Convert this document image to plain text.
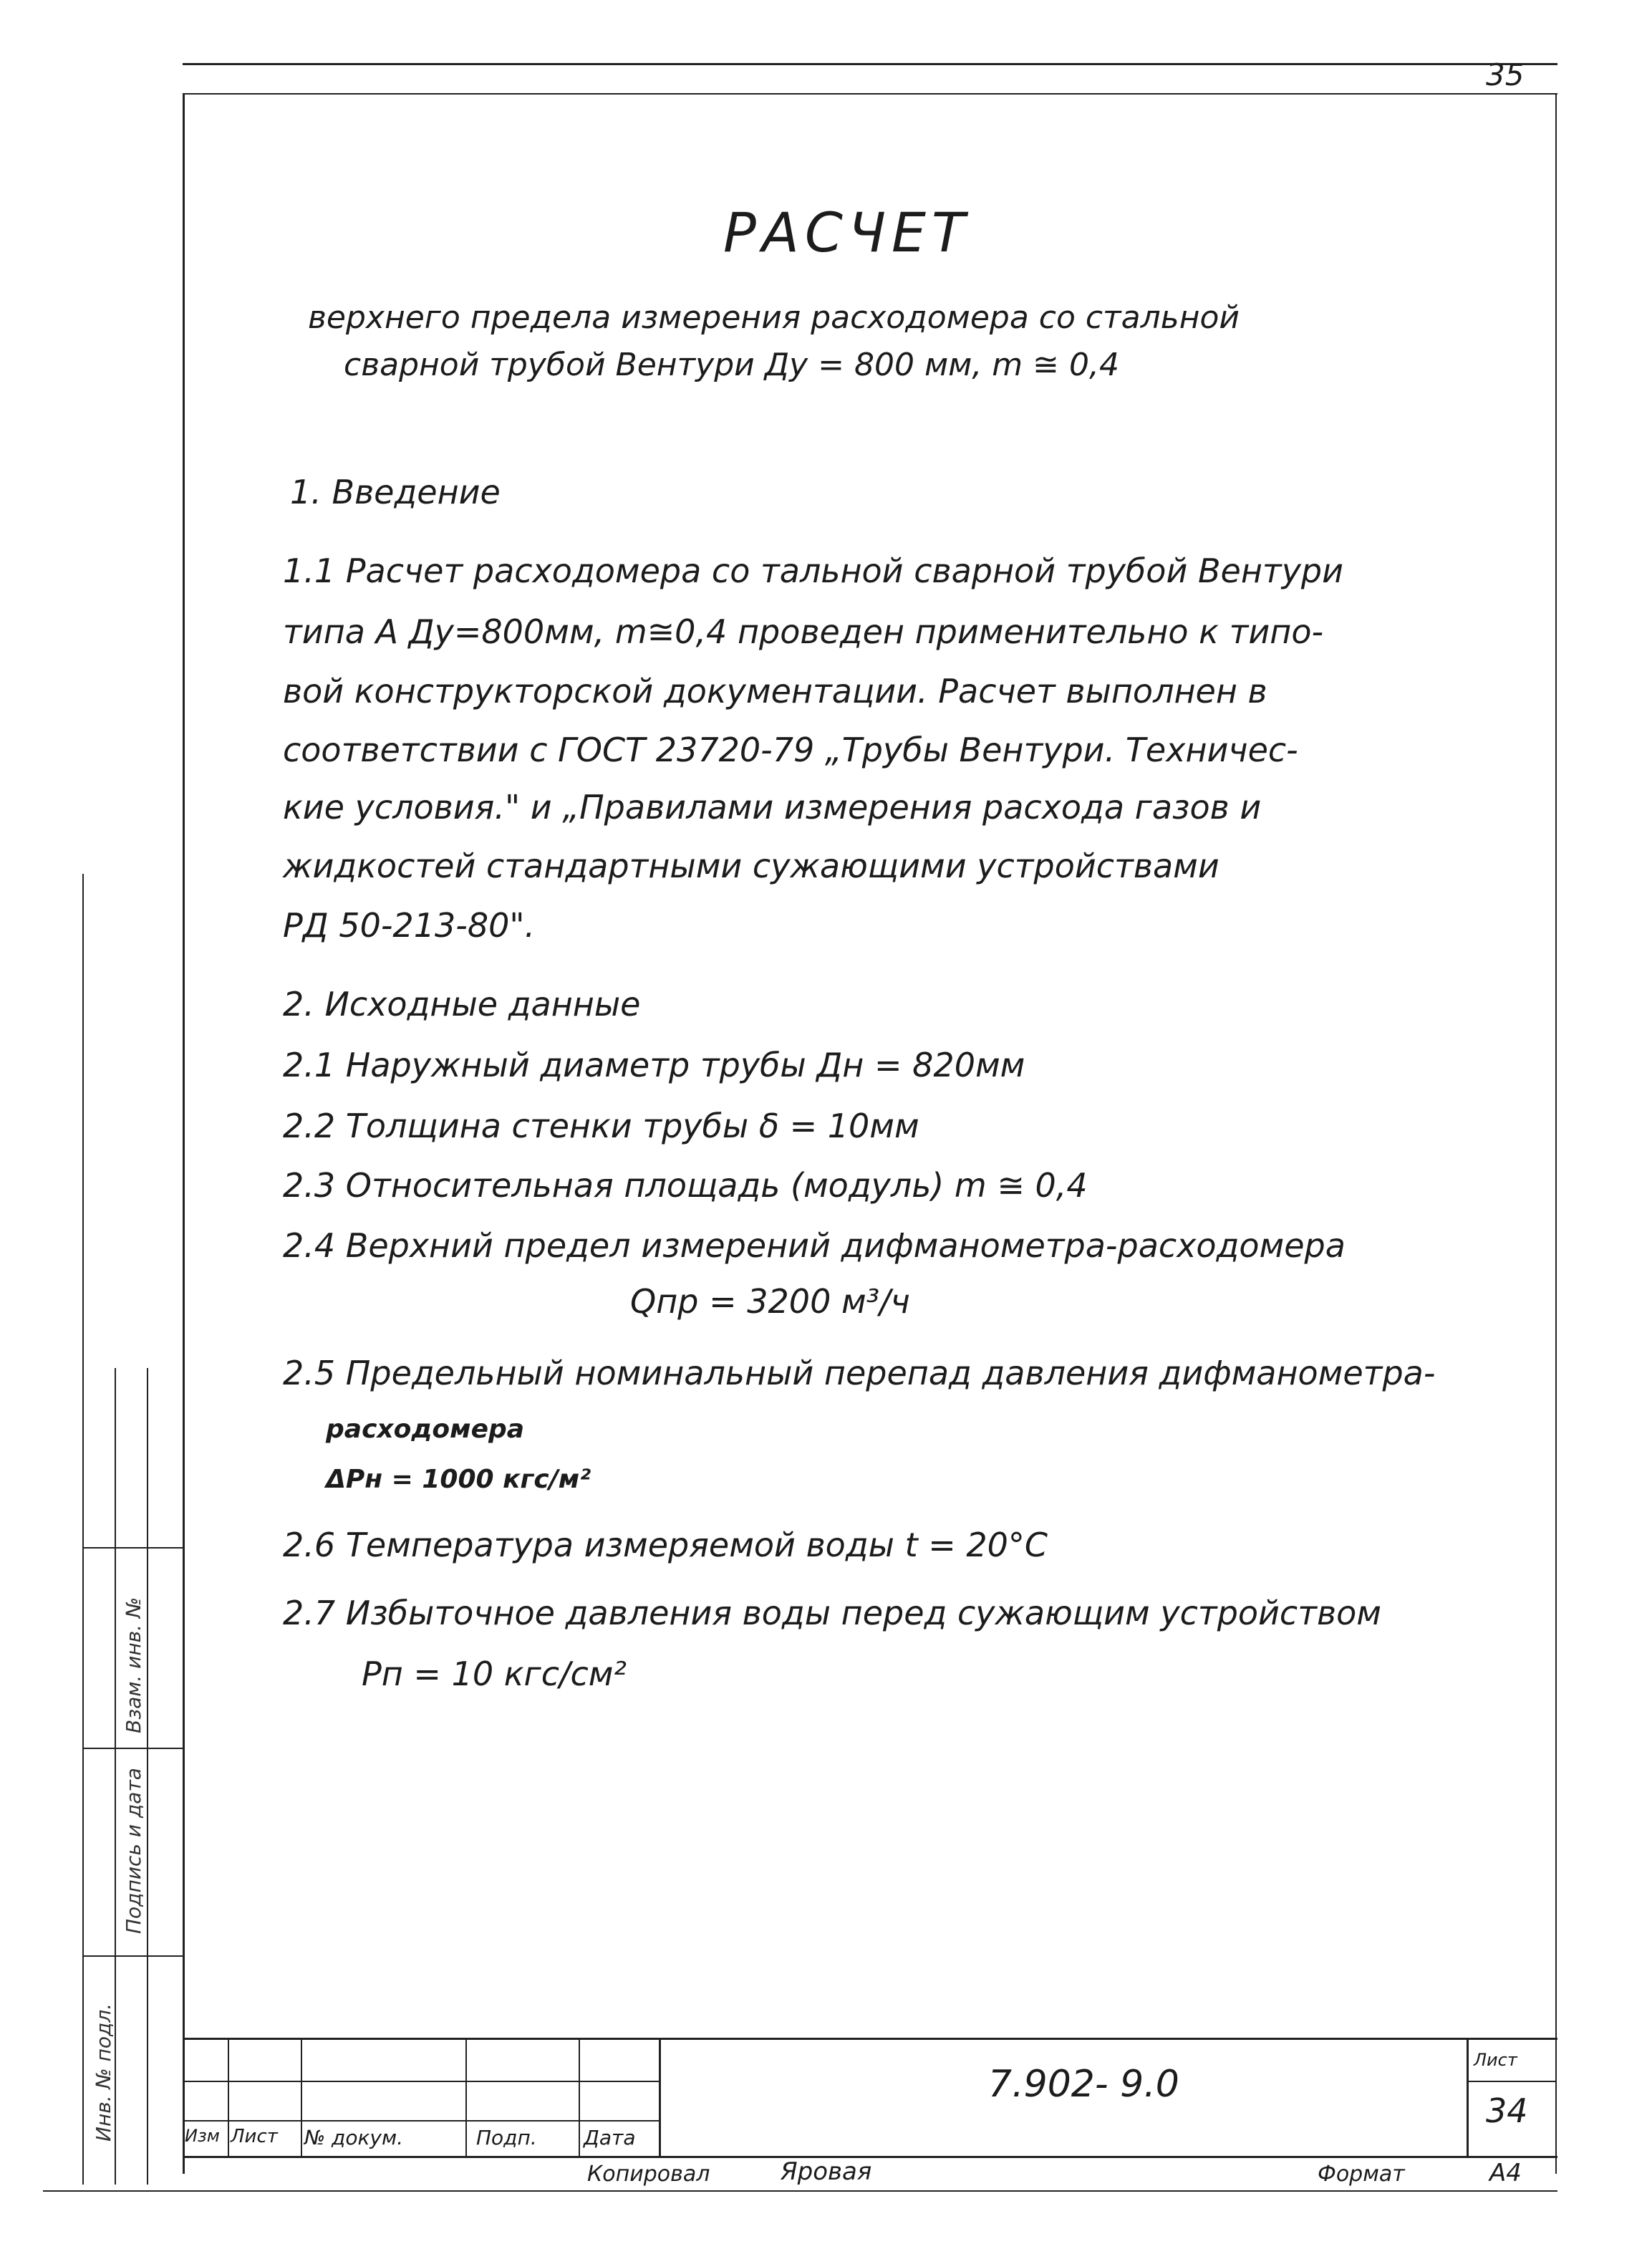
35
РАСЧЕТ
верхнего предела измерения расходомера со стальной
сварной трубой Вентури Ду = 800 мм, m ≅ 0,4
1. Введение
1.1 Расчет расходомера со тальной сварной трубой Вентури
типа А Ду=800мм, m≅0,4 проведен применительно к типо-
вой конструкторской документации. Расчет выполнен в
соответствии с ГОСТ 23720-79 „Трубы Вентури. Техничес-
кие условия." и „Правилами измерения расхода газов и
жидкостей стандартными сужающими устройствами
РД 50-213-80".
2. Исходные данные
2.1 Наружный диаметр трубы Дн = 820мм
2.2 Толщина стенки трубы δ = 10мм
2.3 Относительная площадь (модуль) m ≅ 0,4
2.4 Верхний предел измерений дифманометра-расходомера
Qпр = 3200 м³/ч
2.5 Предельный номинальный перепад давления дифманометра-
расходомера
ΔPн = 1000 кгс/м²
2.6 Температура измеряемой воды t = 20°С
2.7 Избыточное давления воды перед сужающим устройством
Pп = 10 кгс/см²
Изм Лист № докум.	Подп. Дата
7.902- 9.0
Лист
34
Копировал	Яровая	Формат	А4
Инв. № подл.
Подпись и дата
Взам. инв. №
